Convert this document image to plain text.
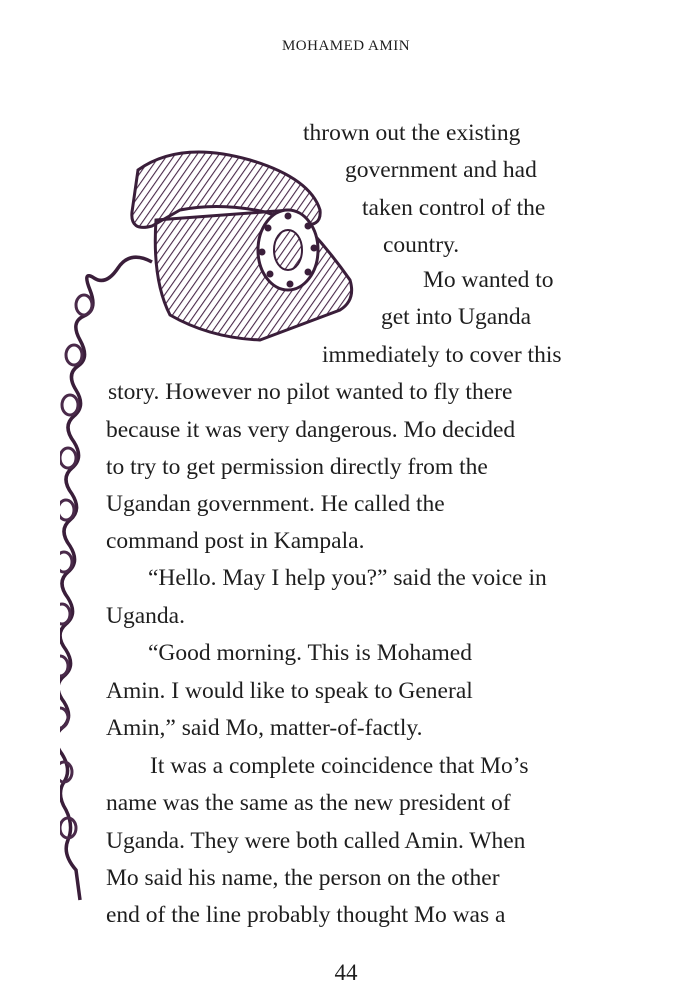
MOHAMED AMIN
thrown out the existing
government and had
taken control of the
country.
Mo wanted to
get into Uganda
immediately to cover this
story. However no pilot wanted to fly there
because it was very dangerous. Mo decided
to try to get permission directly from the
Ugandan government. He called the
command post in Kampala.
“Hello. May I help you?” said the voice in
Uganda.
“Good morning. This is Mohamed
Amin. I would like to speak to General
Amin,” said Mo, matter-of-factly.
It was a complete coincidence that Mo’s
name was the same as the new president of
Uganda. They were both called Amin. When
Mo said his name, the person on the other
end of the line probably thought Mo was a
44
